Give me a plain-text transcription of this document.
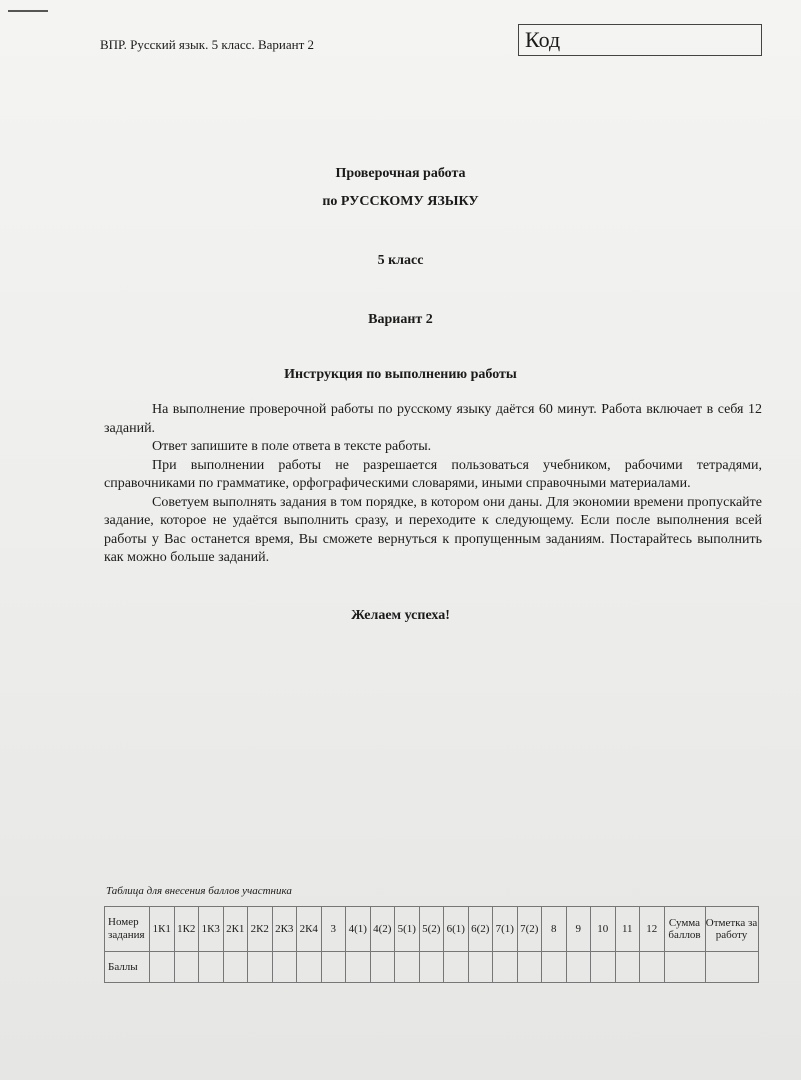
ВПР. Русский язык. 5 класс. Вариант 2	Код
Проверочная работа
по РУССКОМУ ЯЗЫКУ
5 класс
Вариант 2
Инструкция по выполнению работы

На выполнение проверочной работы по русскому языку даётся 60 минут. Работа включает в себя 12 заданий.

Ответ запишите в поле ответа в тексте работы.

При выполнении работы не разрешается пользоваться учебником, рабочими тетрадями, справочниками по грамматике, орфографическими словарями, иными справочными материалами.

Советуем выполнять задания в том порядке, в котором они даны. Для экономии времени пропускайте задание, которое не удаётся выполнить сразу, и переходите к следующему. Если после выполнения всей работы у Вас останется время, Вы сможете вернуться к пропущенным заданиям. Постарайтесь выполнить как можно больше заданий.

Желаем успеха!
Таблица для внесения баллов участника
Номер задания	1К1	1К2	1К3	2К1	2К2	2К3	2К4	3	4(1)	4(2)	5(1)	5(2)	6(1)	6(2)	7(1)	7(2)	8	9	10	11	12	Сумма баллов	Отметка за работу
Баллы																							
